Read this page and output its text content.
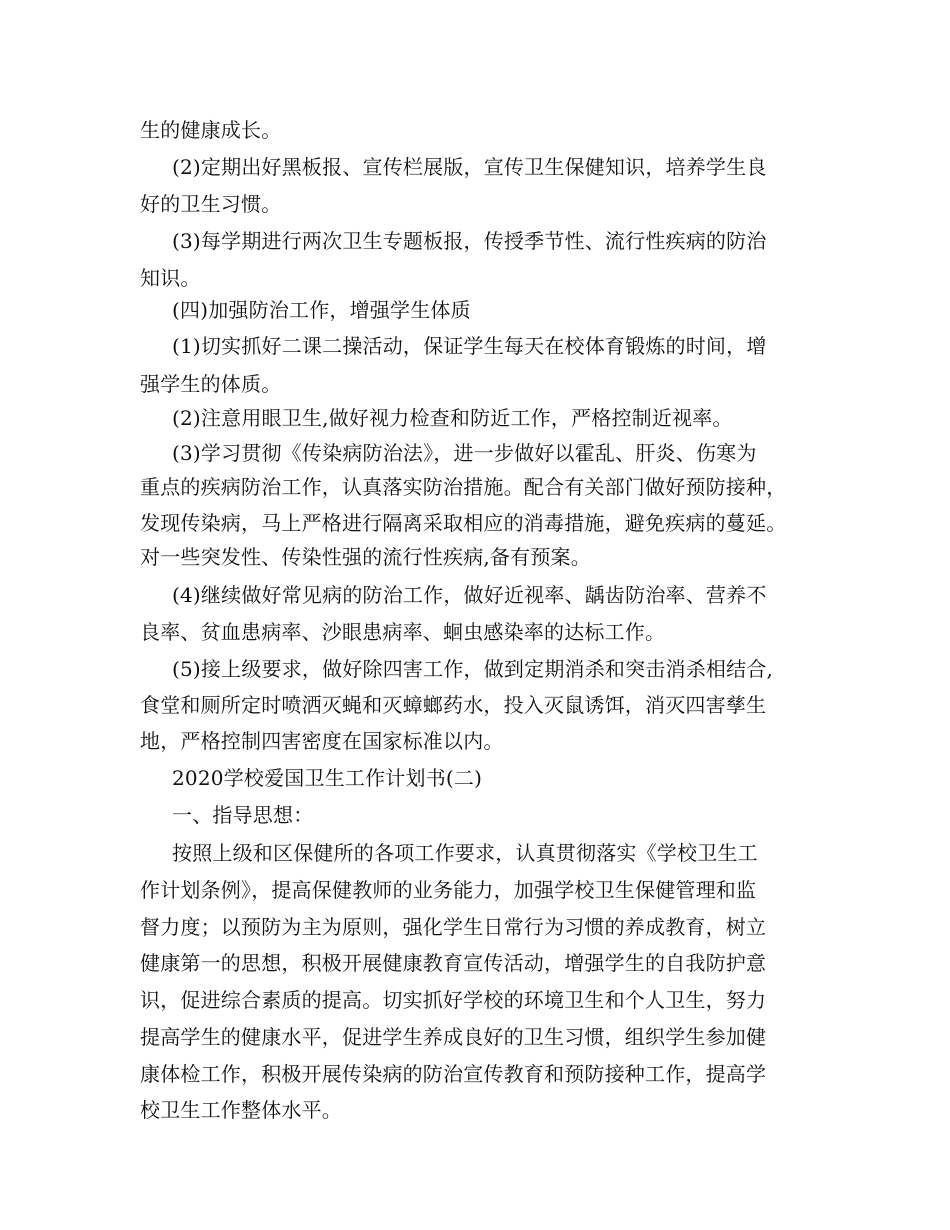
生的健康成长。
(2)定期出好黑板报、宣传栏展版，宣传卫生保健知识，培养学生良
好的卫生习惯。
(3)每学期进行两次卫生专题板报，传授季节性、流行性疾病的防治
知识。
(四)加强防治工作，增强学生体质
(1)切实抓好二课二操活动，保证学生每天在校体育锻炼的时间，增
强学生的体质。
(2)注意用眼卫生,做好视力检查和防近工作，严格控制近视率。
(3)学习贯彻《传染病防治法》，进一步做好以霍乱、肝炎、伤寒为
重点的疾病防治工作，认真落实防治措施。配合有关部门做好预防接种，
发现传染病，马上严格进行隔离采取相应的消毒措施，避免疾病的蔓延。
对一些突发性、传染性强的流行性疾病,备有预案。
(4)继续做好常见病的防治工作，做好近视率、龋齿防治率、营养不
良率、贫血患病率、沙眼患病率、蛔虫感染率的达标工作。
(5)接上级要求，做好除四害工作，做到定期消杀和突击消杀相结合,
食堂和厕所定时喷洒灭蝇和灭蟑螂药水，投入灭鼠诱饵，消灭四害孳生
地，严格控制四害密度在国家标准以内。
2020学校爱国卫生工作计划书(二)
一、指导思想：
按照上级和区保健所的各项工作要求，认真贯彻落实《学校卫生工
作计划条例》，提高保健教师的业务能力，加强学校卫生保健管理和监
督力度；以预防为主为原则，强化学生日常行为习惯的养成教育，树立
健康第一的思想，积极开展健康教育宣传活动，增强学生的自我防护意
识，促进综合素质的提高。切实抓好学校的环境卫生和个人卫生，努力
提高学生的健康水平，促进学生养成良好的卫生习惯，组织学生参加健
康体检工作，积极开展传染病的防治宣传教育和预防接种工作，提高学
校卫生工作整体水平。
